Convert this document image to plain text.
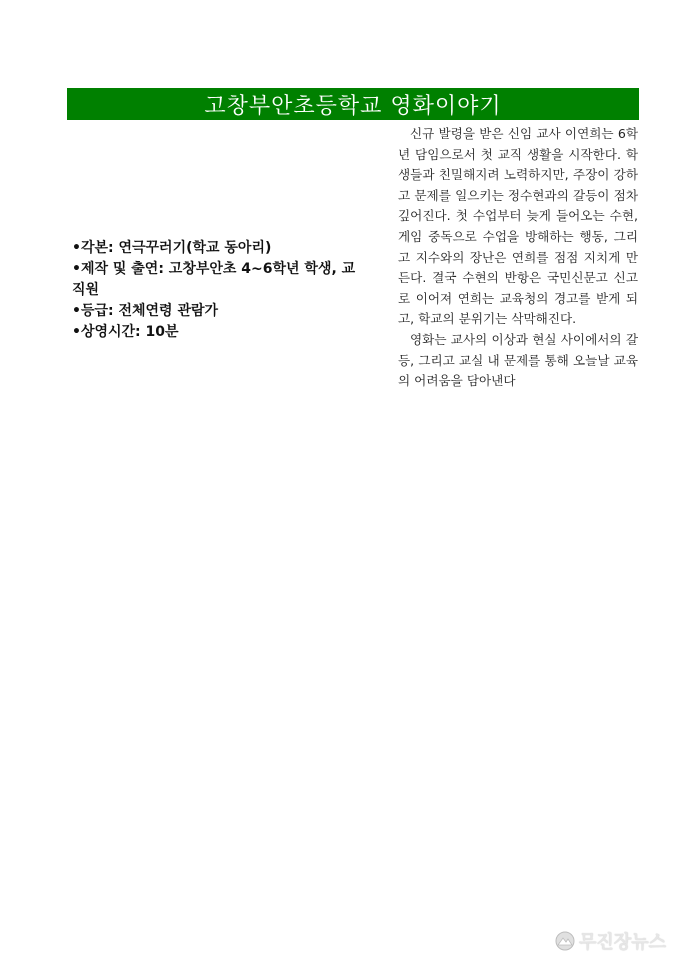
고창부안초등학교 영화이야기

•각본: 연극꾸러기(학교 동아리)

•제작 및 출연: 고창부안초 4~6학년 학생, 교

직원

•등급: 전체연령 관람가

•상영시간: 10분

신규 발령을 받은 신임 교사 이연희는 6학년 담임으로서 첫 교직 생활을 시작한다. 학생들과 친밀해지려 노력하지만, 주장이 강하고 문제를 일으키는 정수현과의 갈등이 점차 깊어진다. 첫 수업부터 늦게 들어오는 수현, 게임 중독으로 수업을 방해하는 행동, 그리고 지수와의 장난은 연희를 점점 지치게 만든다. 결국 수현의 반항은 국민신문고 신고로 이어져 연희는 교육청의 경고를 받게 되고, 학교의 분위기는 삭막해진다.

영화는 교사의 이상과 현실 사이에서의 갈등, 그리고 교실 내 문제를 통해 오늘날 교육의 어려움을 담아낸다

무진장뉴스
